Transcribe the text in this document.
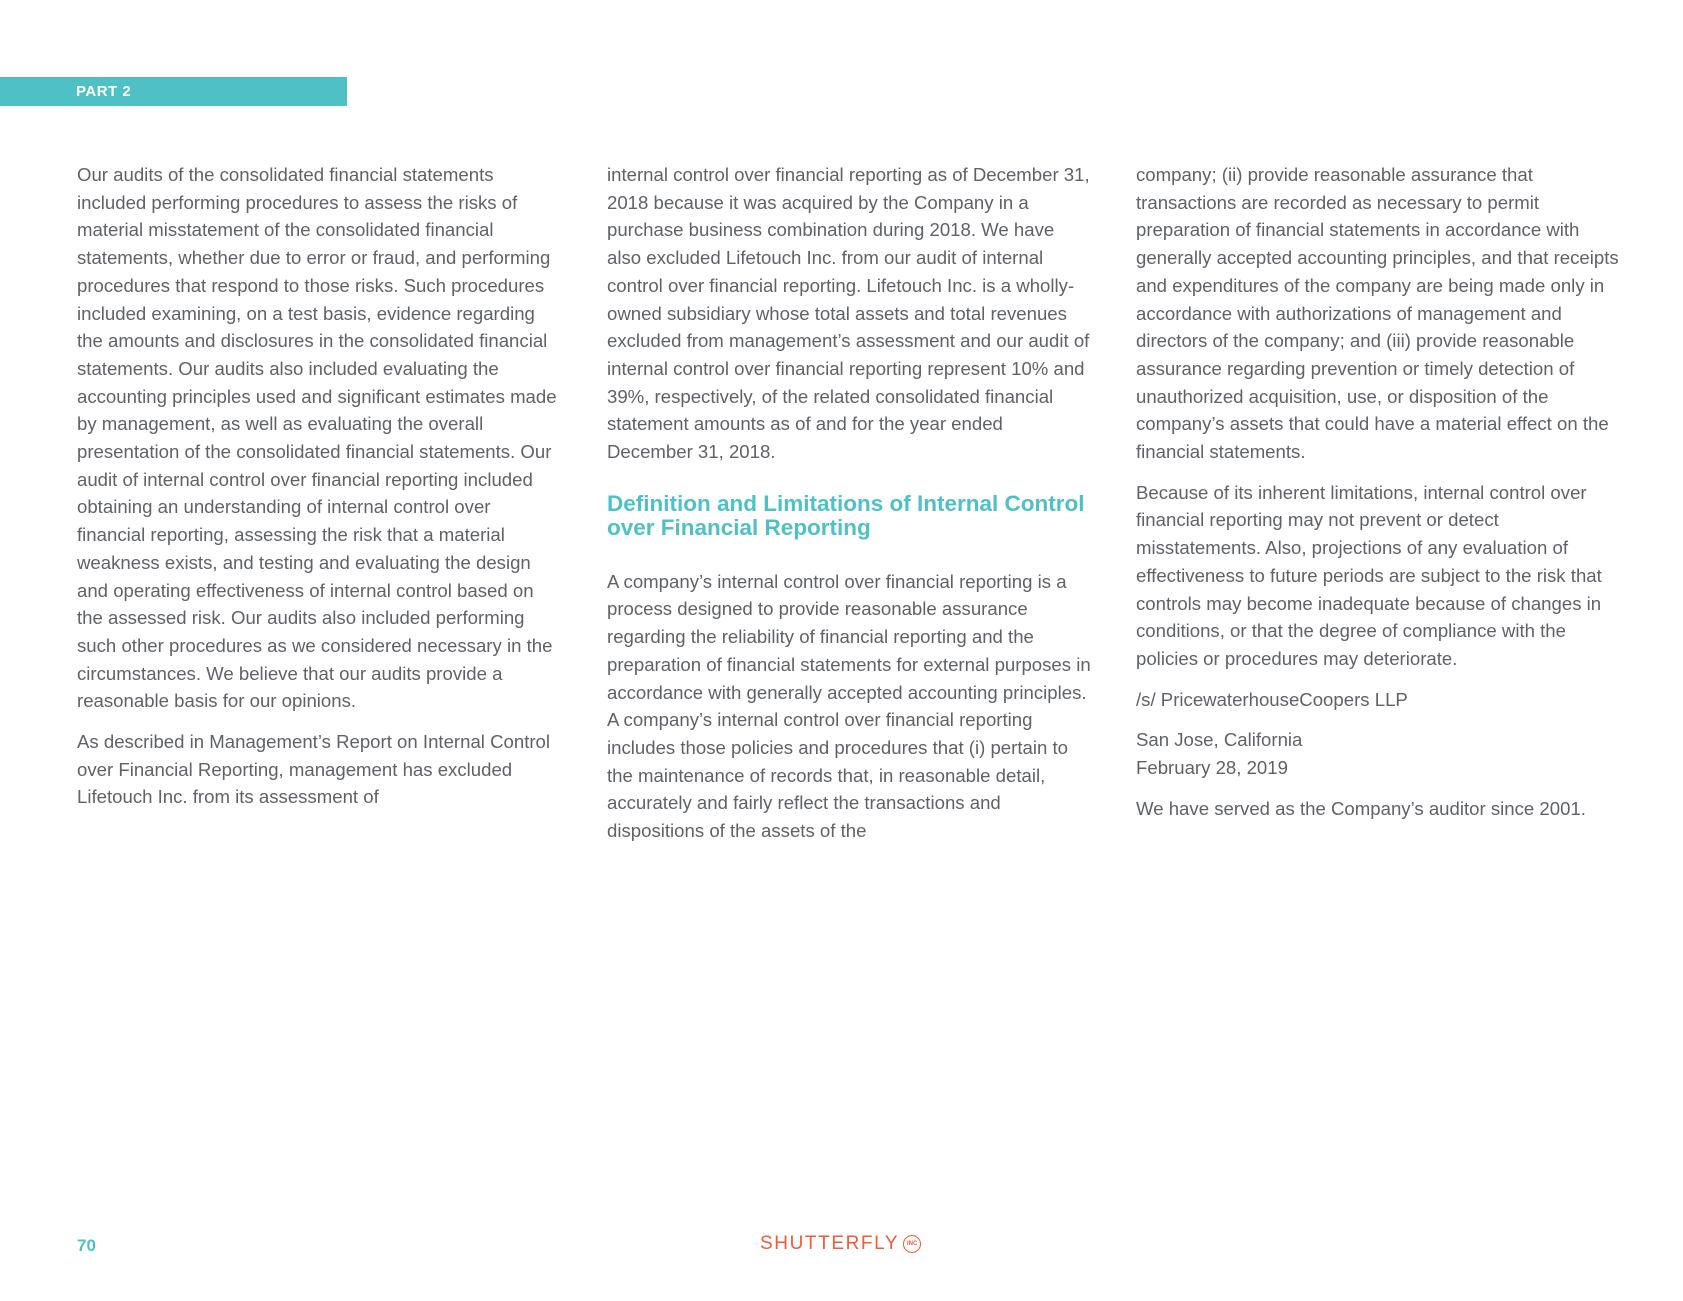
PART 2

Our audits of the consolidated financial statements included performing procedures to assess the risks of material misstatement of the consolidated financial statements, whether due to error or fraud, and performing procedures that respond to those risks. Such procedures included examining, on a test basis, evidence regarding the amounts and disclosures in the consolidated financial statements. Our audits also included evaluating the accounting principles used and significant estimates made by management, as well as evaluating the overall presentation of the consolidated financial statements. Our audit of internal control over financial reporting included obtaining an understanding of internal control over financial reporting, assessing the risk that a material weakness exists, and testing and evaluating the design and operating effectiveness of internal control based on the assessed risk. Our audits also included performing such other procedures as we considered necessary in the circumstances. We believe that our audits provide a reasonable basis for our opinions.

As described in Management’s Report on Internal Control over Financial Reporting, management has excluded Lifetouch Inc. from its assessment of

internal control over financial reporting as of December 31, 2018 because it was acquired by the Company in a purchase business combination during 2018. We have also excluded Lifetouch Inc. from our audit of internal control over financial reporting. Lifetouch Inc. is a wholly-owned subsidiary whose total assets and total revenues excluded from management’s assessment and our audit of internal control over financial reporting represent 10% and 39%, respectively, of the related consolidated financial statement amounts as of and for the year ended December 31, 2018.

Definition and Limitations of Internal Control over Financial Reporting

A company’s internal control over financial reporting is a process designed to provide reasonable assurance regarding the reliability of financial reporting and the preparation of financial statements for external purposes in accordance with generally accepted accounting principles. A company’s internal control over financial reporting includes those policies and procedures that (i) pertain to the maintenance of records that, in reasonable detail, accurately and fairly reflect the transactions and dispositions of the assets of the

company; (ii) provide reasonable assurance that transactions are recorded as necessary to permit preparation of financial statements in accordance with generally accepted accounting principles, and that receipts and expenditures of the company are being made only in accordance with authorizations of management and directors of the company; and (iii) provide reasonable assurance regarding prevention or timely detection of unauthorized acquisition, use, or disposition of the company’s assets that could have a material effect on the financial statements.

Because of its inherent limitations, internal control over financial reporting may not prevent or detect misstatements. Also, projections of any evaluation of effectiveness to future periods are subject to the risk that controls may become inadequate because of changes in conditions, or that the degree of compliance with the policies or procedures may deteriorate.

/s/ PricewaterhouseCoopers LLP

San Jose, California
February 28, 2019

We have served as the Company’s auditor since 2001.

70	SHUTTERFLY	INC
